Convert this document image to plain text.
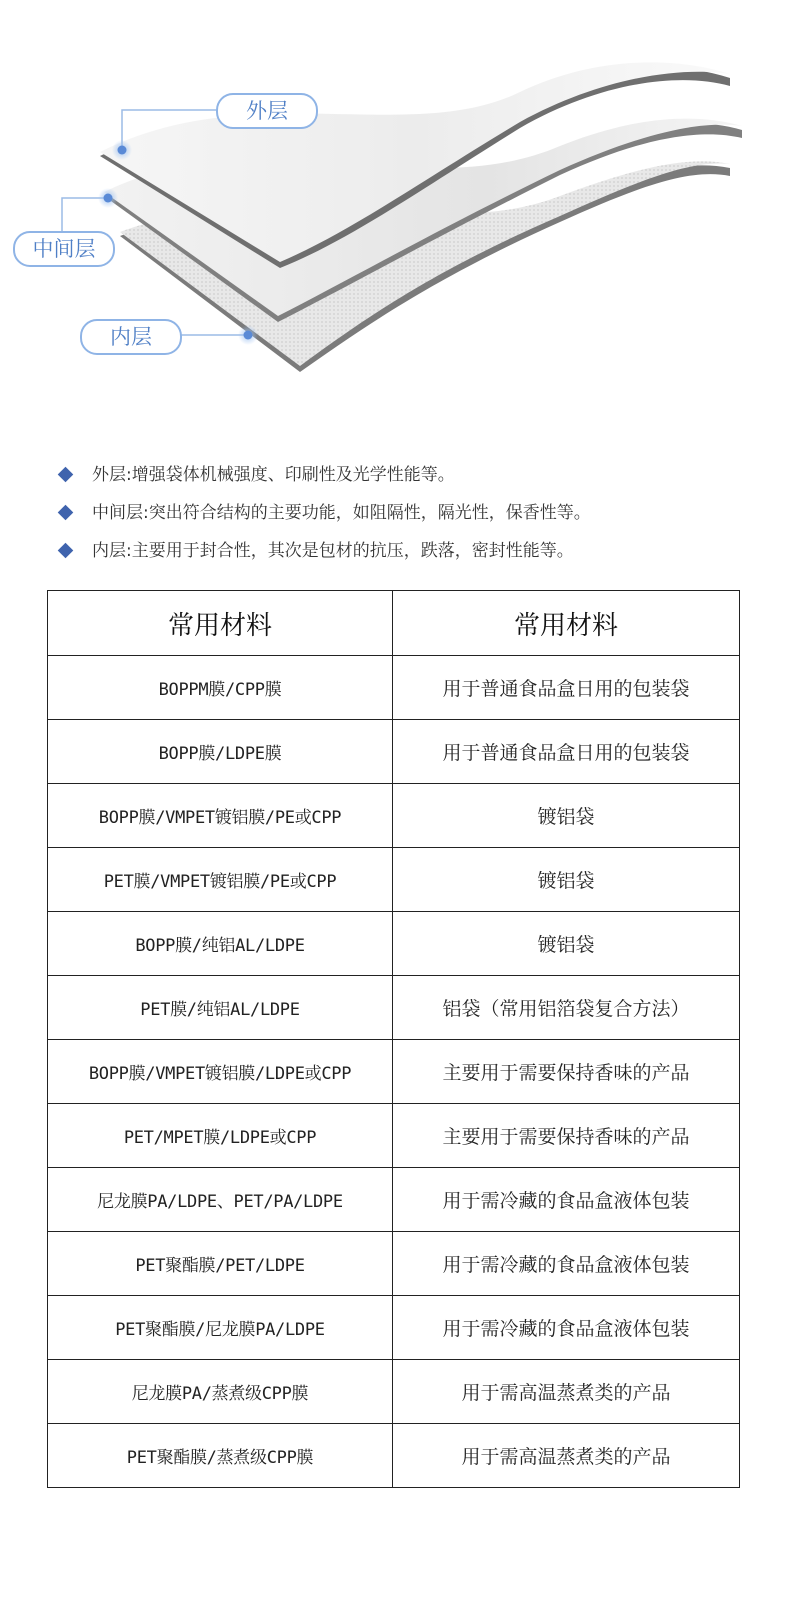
外层
中间层
内层
外层:增强袋体机械强度、印刷性及光学性能等。
中间层:突出符合结构的主要功能，如阻隔性，隔光性，保香性等。
内层:主要用于封合性，其次是包材的抗压，跌落，密封性能等。
常用材料	常用材料
BOPPM膜/CPP膜	用于普通食品盒日用的包装袋
BOPP膜/LDPE膜	用于普通食品盒日用的包装袋
BOPP膜/VMPET镀铝膜/PE或CPP	镀铝袋
PET膜/VMPET镀铝膜/PE或CPP	镀铝袋
BOPP膜/纯铝AL/LDPE	镀铝袋
PET膜/纯铝AL/LDPE	铝袋（常用铝箔袋复合方法）
BOPP膜/VMPET镀铝膜/LDPE或CPP	主要用于需要保持香味的产品
PET/MPET膜/LDPE或CPP	主要用于需要保持香味的产品
尼龙膜PA/LDPE、PET/PA/LDPE	用于需冷藏的食品盒液体包装
PET聚酯膜/PET/LDPE	用于需冷藏的食品盒液体包装
PET聚酯膜/尼龙膜PA/LDPE	用于需冷藏的食品盒液体包装
尼龙膜PA/蒸煮级CPP膜	用于需高温蒸煮类的产品
PET聚酯膜/蒸煮级CPP膜	用于需高温蒸煮类的产品
